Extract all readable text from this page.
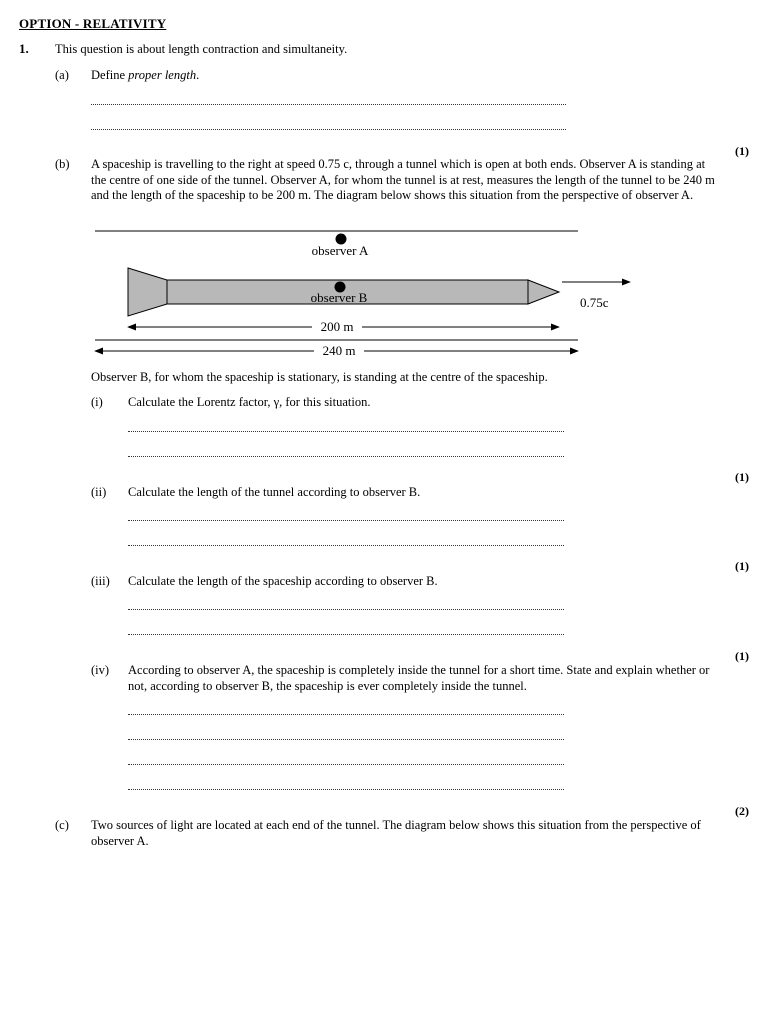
OPTION - RELATIVITY
1. This question is about length contraction and simultaneity.
(a) Define proper length.
(1)
(b) A spaceship is travelling to the right at speed 0.75 c, through a tunnel which is open at both ends. Observer A is standing at the centre of one side of the tunnel. Observer A, for whom the tunnel is at rest, measures the length of the tunnel to be 240 m and the length of the spaceship to be 200 m. The diagram below shows this situation from the perspective of observer A.
observer A
observer B	0.75c
200 m
240 m
Observer B, for whom the spaceship is stationary, is standing at the centre of the spaceship.
(i) Calculate the Lorentz factor, γ, for this situation.
(1)
(ii) Calculate the length of the tunnel according to observer B.
(1)
(iii) Calculate the length of the spaceship according to observer B.
(1)
(iv) According to observer A, the spaceship is completely inside the tunnel for a short time. State and explain whether or not, according to observer B, the spaceship is ever completely inside the tunnel.
(2)
(c) Two sources of light are located at each end of the tunnel. The diagram below shows this situation from the perspective of observer A.
